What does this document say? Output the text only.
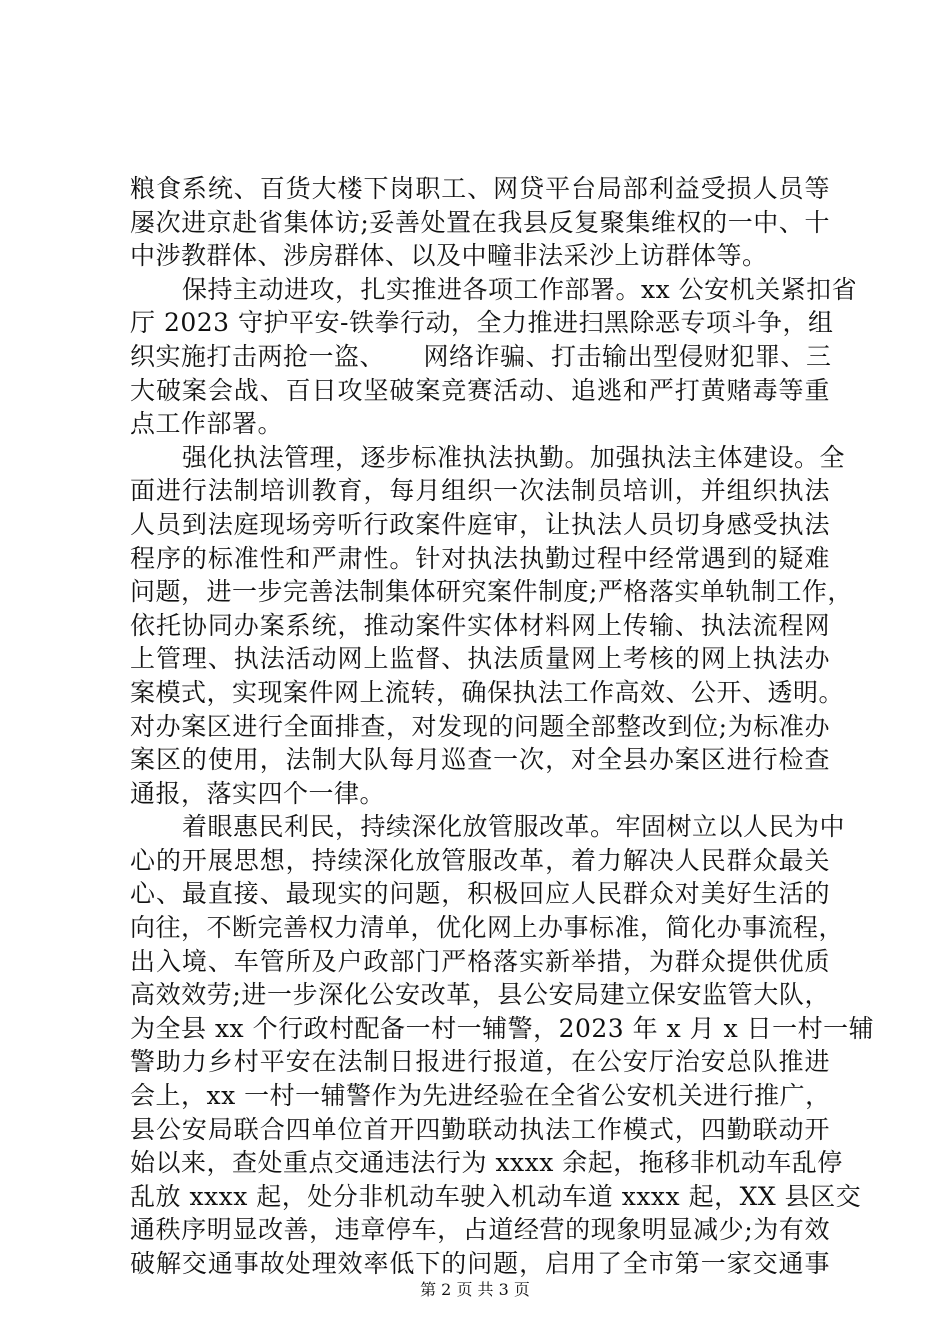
粮食系统、百货大楼下岗职工、网贷平台局部利益受损人员等
屡次进京赴省集体访;妥善处置在我县反复聚集维权的一中、十
中涉教群体、涉房群体、以及中疃非法采沙上访群体等。
保持主动进攻，扎实推进各项工作部署。xx 公安机关紧扣省
厅 2023 守护平安-铁拳行动，全力推进扫黑除恶专项斗争，组
织实施打击两抢一盗、　　网络诈骗、打击输出型侵财犯罪、三
大破案会战、百日攻坚破案竞赛活动、追逃和严打黄赌毒等重
点工作部署。
强化执法管理，逐步标准执法执勤。加强执法主体建设。全
面进行法制培训教育，每月组织一次法制员培训，并组织执法
人员到法庭现场旁听行政案件庭审，让执法人员切身感受执法
程序的标准性和严肃性。针对执法执勤过程中经常遇到的疑难
问题，进一步完善法制集体研究案件制度;严格落实单轨制工作，
依托协同办案系统，推动案件实体材料网上传输、执法流程网
上管理、执法活动网上监督、执法质量网上考核的网上执法办
案模式，实现案件网上流转，确保执法工作高效、公开、透明。
对办案区进行全面排查，对发现的问题全部整改到位;为标准办
案区的使用，法制大队每月巡查一次，对全县办案区进行检查
通报，落实四个一律。
着眼惠民利民，持续深化放管服改革。牢固树立以人民为中
心的开展思想，持续深化放管服改革，着力解决人民群众最关
心、最直接、最现实的问题，积极回应人民群众对美好生活的
向往，不断完善权力清单，优化网上办事标准，简化办事流程，
出入境、车管所及户政部门严格落实新举措，为群众提供优质
高效效劳;进一步深化公安改革，县公安局建立保安监管大队，
为全县 xx 个行政村配备一村一辅警，2023 年 x 月 x 日一村一辅
警助力乡村平安在法制日报进行报道，在公安厅治安总队推进
会上，xx 一村一辅警作为先进经验在全省公安机关进行推广，
县公安局联合四单位首开四勤联动执法工作模式，四勤联动开
始以来，查处重点交通违法行为 xxxx 余起，拖移非机动车乱停
乱放 xxxx 起，处分非机动车驶入机动车道 xxxx 起，XX 县区交
通秩序明显改善，违章停车，占道经营的现象明显减少;为有效
破解交通事故处理效率低下的问题，启用了全市第一家交通事
第 2 页 共 3 页
